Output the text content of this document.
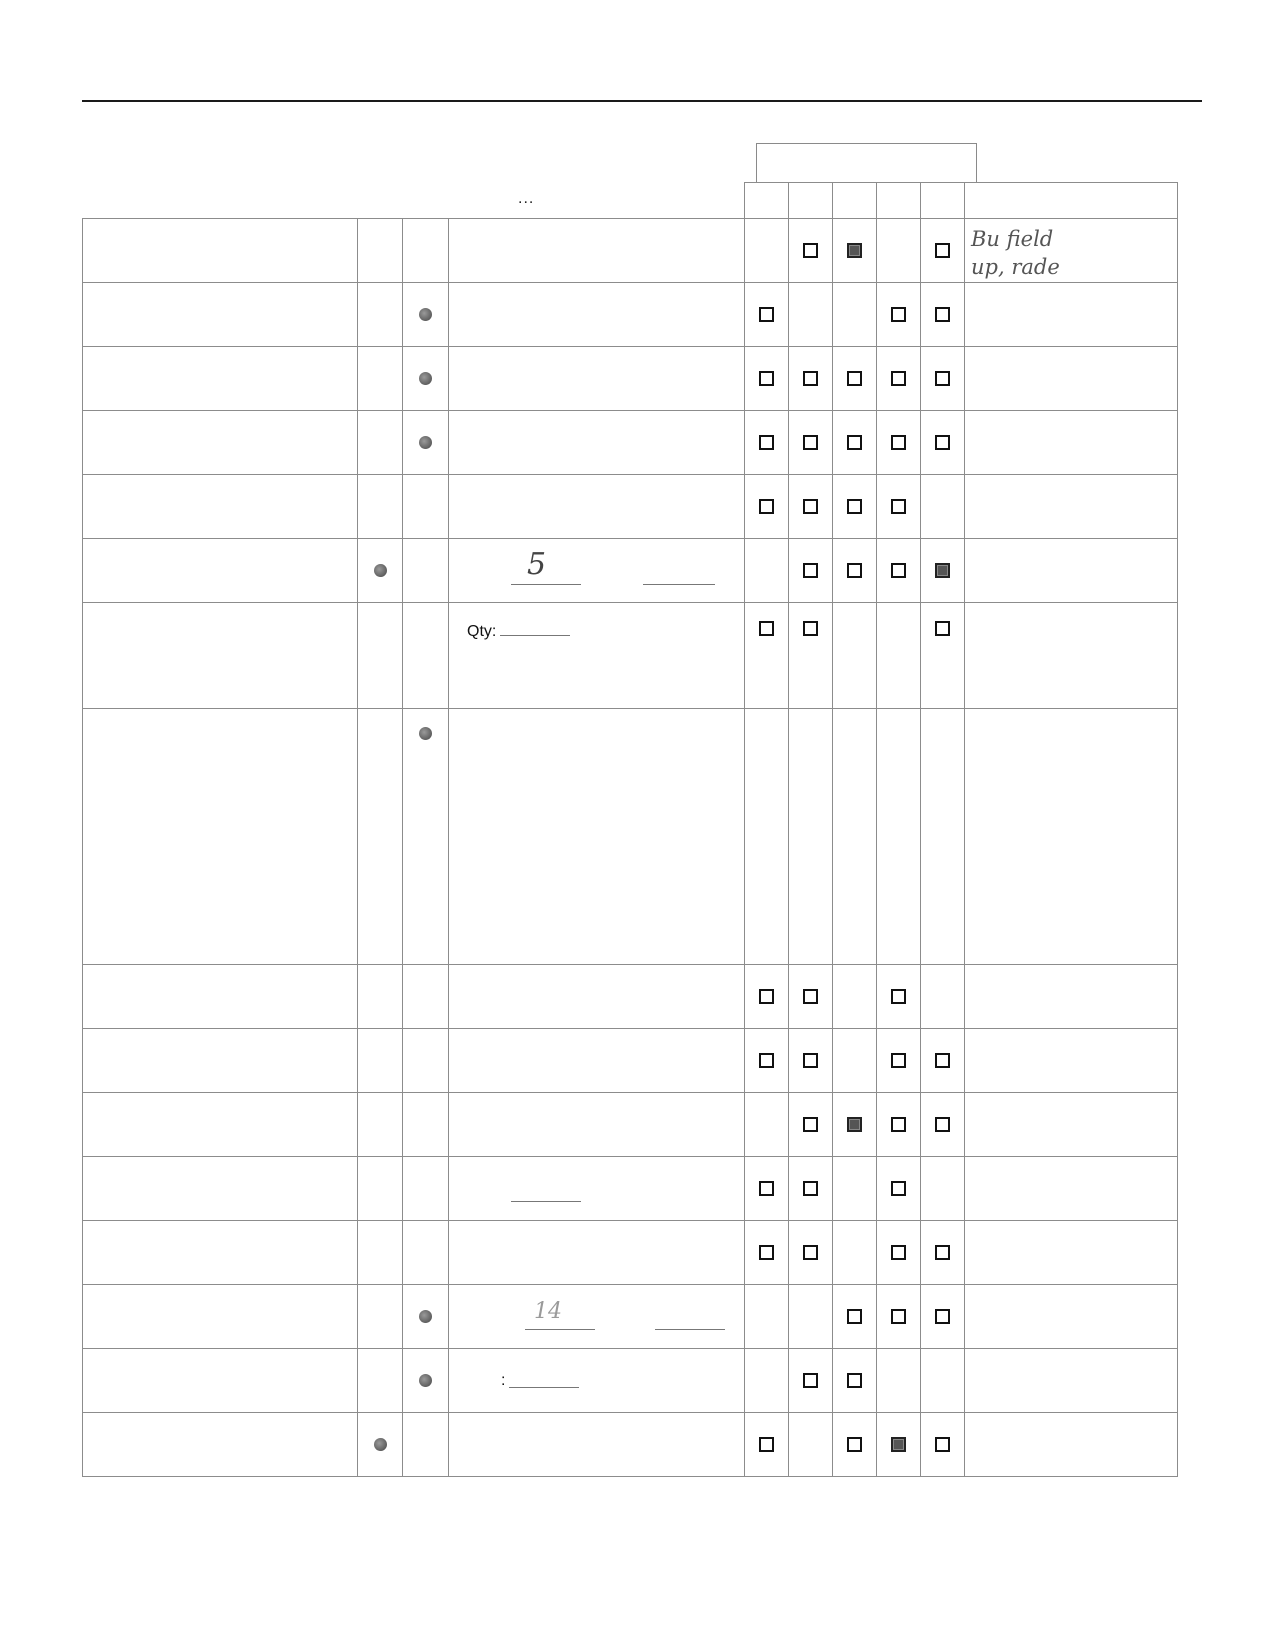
...

									Bu field
up, rade

			5						

			Qty:	

			14						

			:						
